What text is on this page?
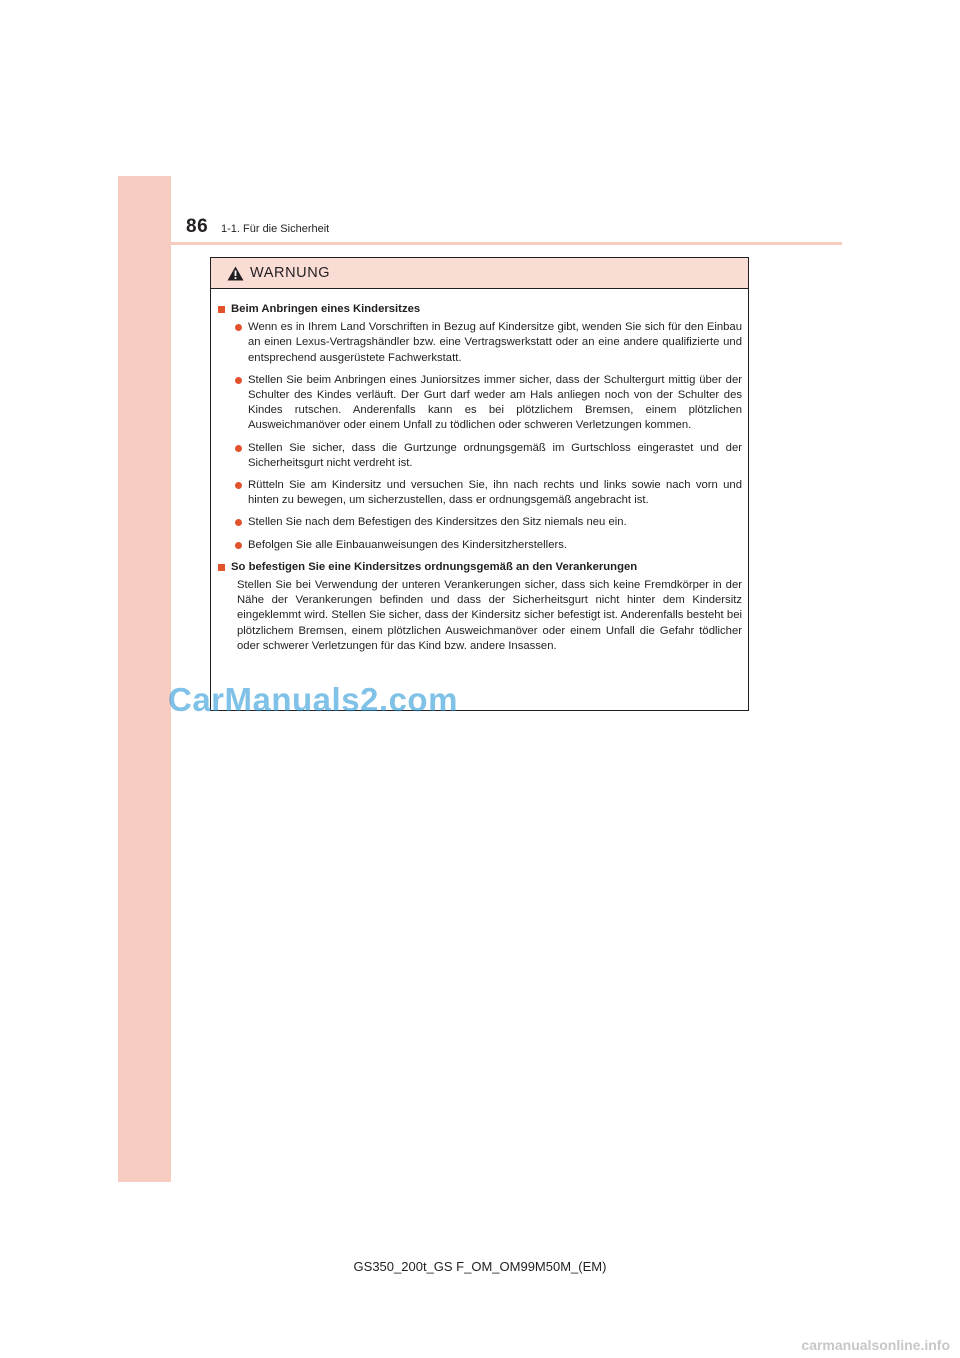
86 1-1. Für die Sicherheit
WARNUNG
Beim Anbringen eines Kindersitzes
Wenn es in Ihrem Land Vorschriften in Bezug auf Kindersitze gibt, wenden Sie sich für den Einbau an einen Lexus-Vertragshändler bzw. eine Vertragswerkstatt oder an eine andere qualifizierte und entsprechend ausgerüstete Fachwerkstatt.
Stellen Sie beim Anbringen eines Juniorsitzes immer sicher, dass der Schultergurt mittig über der Schulter des Kindes verläuft. Der Gurt darf weder am Hals anliegen noch von der Schulter des Kindes rutschen. Anderenfalls kann es bei plötzlichem Bremsen, einem plötzlichen Ausweichmanöver oder einem Unfall zu tödlichen oder schweren Verletzungen kommen.
Stellen Sie sicher, dass die Gurtzunge ordnungsgemäß im Gurtschloss eingerastet und der Sicherheitsgurt nicht verdreht ist.
Rütteln Sie am Kindersitz und versuchen Sie, ihn nach rechts und links sowie nach vorn und hinten zu bewegen, um sicherzustellen, dass er ordnungsgemäß angebracht ist.
Stellen Sie nach dem Befestigen des Kindersitzes den Sitz niemals neu ein.
Befolgen Sie alle Einbauanweisungen des Kindersitzherstellers.
So befestigen Sie eine Kindersitzes ordnungsgemäß an den Verankerungen
Stellen Sie bei Verwendung der unteren Verankerungen sicher, dass sich keine Fremdkörper in der Nähe der Verankerungen befinden und dass der Sicherheitsgurt nicht hinter dem Kindersitz eingeklemmt wird. Stellen Sie sicher, dass der Kindersitz sicher befestigt ist. Anderenfalls besteht bei plötzlichem Bremsen, einem plötzlichen Ausweichmanöver oder einem Unfall die Gefahr tödlicher oder schwerer Verletzungen für das Kind bzw. andere Insassen.
CarManuals2.com
GS350_200t_GS F_OM_OM99M50M_(EM)
carmanualsonline.info
